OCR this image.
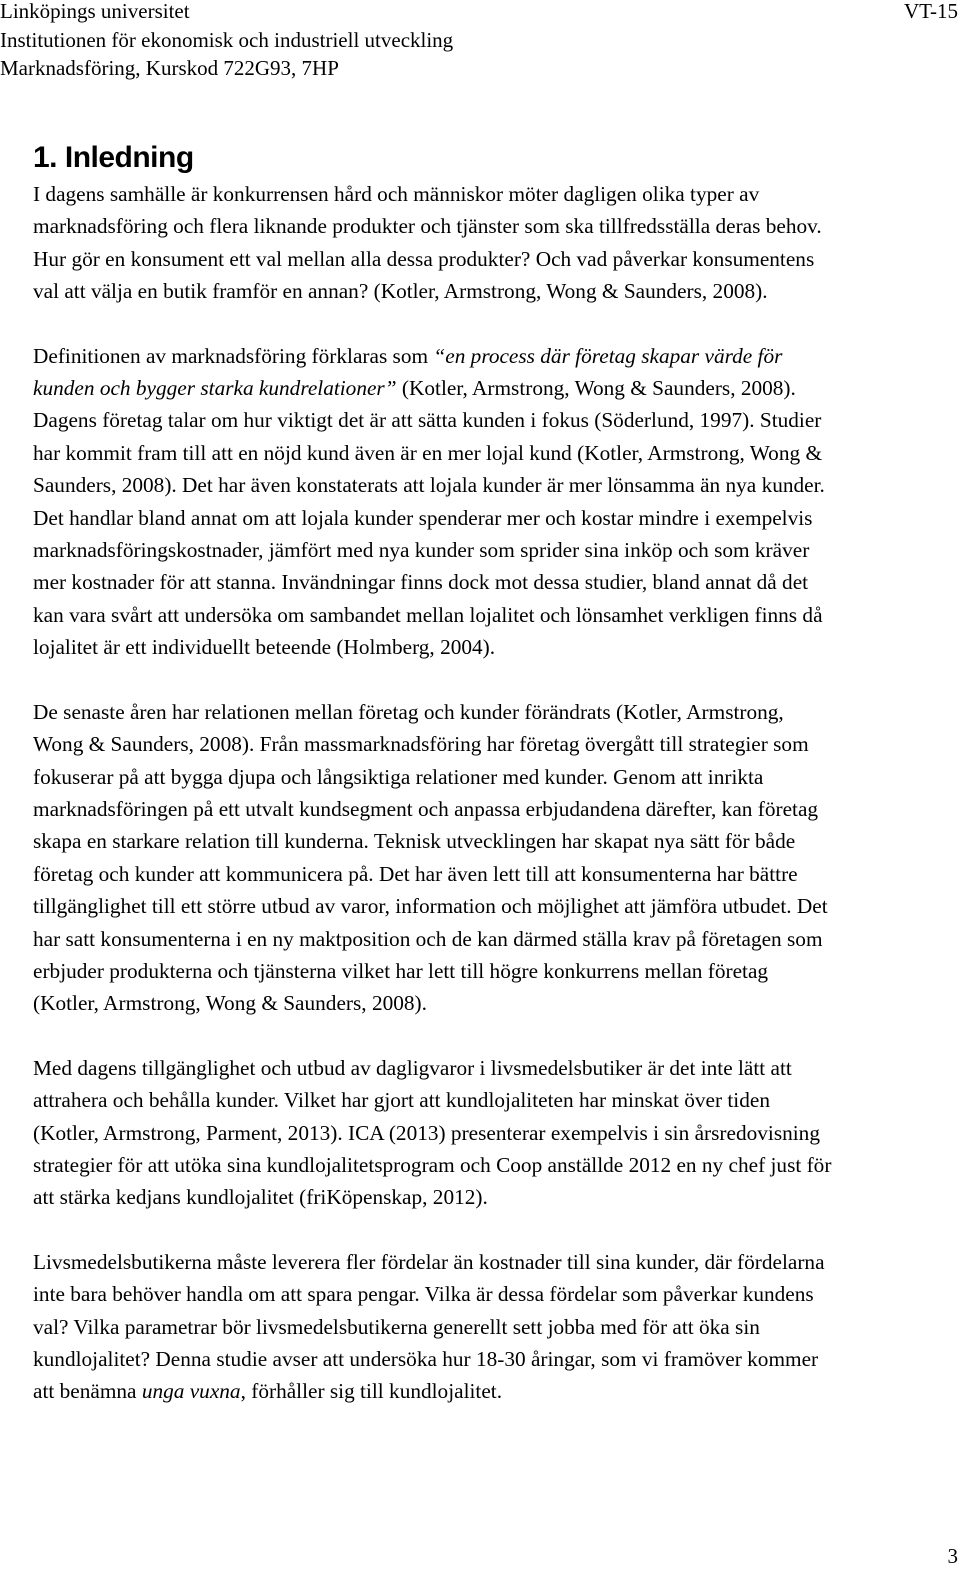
Linköpings universitet
Institutionen för ekonomisk och industriell utveckling
Marknadsföring, Kurskod 722G93, 7HP
VT-15
1. Inledning

I dagens samhälle är konkurrensen hård och människor möter dagligen olika typer av
marknadsföring och flera liknande produkter och tjänster som ska tillfredsställa deras behov.
Hur gör en konsument ett val mellan alla dessa produkter? Och vad påverkar konsumentens
val att välja en butik framför en annan? (Kotler, Armstrong, Wong & Saunders, 2008).

Definitionen av marknadsföring förklaras som “en process där företag skapar värde för
kunden och bygger starka kundrelationer” (Kotler, Armstrong, Wong & Saunders, 2008).
Dagens företag talar om hur viktigt det är att sätta kunden i fokus (Söderlund, 1997). Studier
har kommit fram till att en nöjd kund även är en mer lojal kund (Kotler, Armstrong, Wong &
Saunders, 2008). Det har även konstaterats att lojala kunder är mer lönsamma än nya kunder.
Det handlar bland annat om att lojala kunder spenderar mer och kostar mindre i exempelvis
marknadsföringskostnader, jämfört med nya kunder som sprider sina inköp och som kräver
mer kostnader för att stanna. Invändningar finns dock mot dessa studier, bland annat då det
kan vara svårt att undersöka om sambandet mellan lojalitet och lönsamhet verkligen finns då
lojalitet är ett individuellt beteende (Holmberg, 2004).

De senaste åren har relationen mellan företag och kunder förändrats (Kotler, Armstrong,
Wong & Saunders, 2008). Från massmarknadsföring har företag övergått till strategier som
fokuserar på att bygga djupa och långsiktiga relationer med kunder. Genom att inrikta
marknadsföringen på ett utvalt kundsegment och anpassa erbjudandena därefter, kan företag
skapa en starkare relation till kunderna. Teknisk utvecklingen har skapat nya sätt för både
företag och kunder att kommunicera på. Det har även lett till att konsumenterna har bättre
tillgänglighet till ett större utbud av varor, information och möjlighet att jämföra utbudet. Det
har satt konsumenterna i en ny maktposition och de kan därmed ställa krav på företagen som
erbjuder produkterna och tjänsterna vilket har lett till högre konkurrens mellan företag
(Kotler, Armstrong, Wong & Saunders, 2008).

Med dagens tillgänglighet och utbud av dagligvaror i livsmedelsbutiker är det inte lätt att
attrahera och behålla kunder. Vilket har gjort att kundlojaliteten har minskat över tiden
(Kotler, Armstrong, Parment, 2013). ICA (2013) presenterar exempelvis i sin årsredovisning
strategier för att utöka sina kundlojalitetsprogram och Coop anställde 2012 en ny chef just för
att stärka kedjans kundlojalitet (friKöpenskap, 2012).

Livsmedelsbutikerna måste leverera fler fördelar än kostnader till sina kunder, där fördelarna
inte bara behöver handla om att spara pengar. Vilka är dessa fördelar som påverkar kundens
val? Vilka parametrar bör livsmedelsbutikerna generellt sett jobba med för att öka sin
kundlojalitet? Denna studie avser att undersöka hur 18-30 åringar, som vi framöver kommer
att benämna unga vuxna, förhåller sig till kundlojalitet.

3
